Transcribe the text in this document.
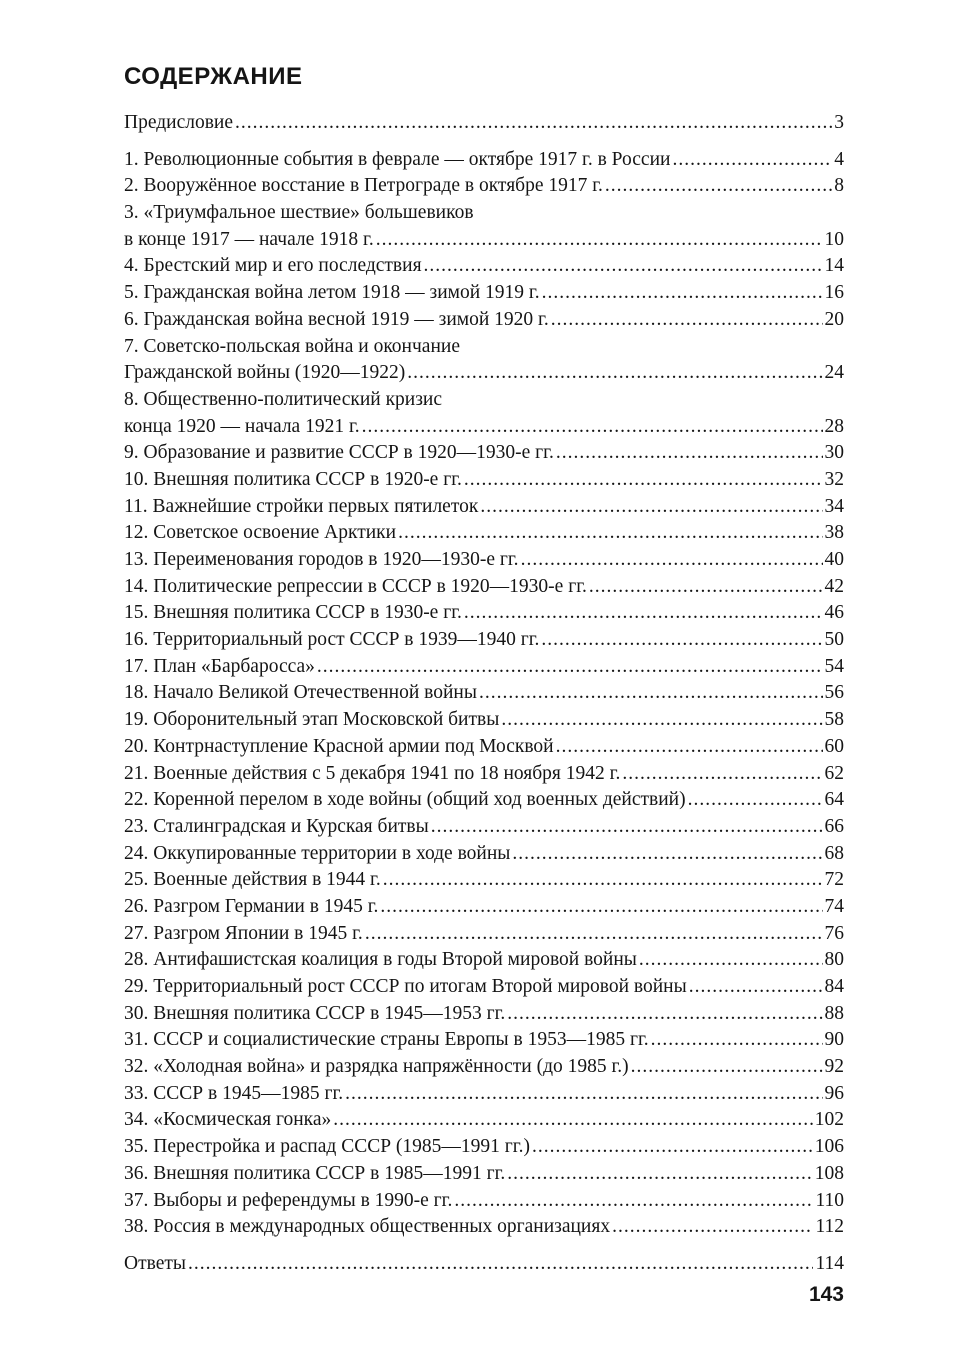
СОДЕРЖАНИЕ
Предисловие .....	3
1. Революционные события в феврале — октябре 1917 г. в России .....	4
2. Вооружённое восстание в Петрограде в октябре 1917 г. .....	8
3. «Триумфальное шествие» большевиков
в конце 1917 — начале 1918 г. .....	10
4. Брестский мир и его последствия .....	14
5. Гражданская война летом 1918 — зимой 1919 г. .....	16
6. Гражданская война весной 1919 — зимой 1920 г. .....	20
7. Советско-польская война и окончание
Гражданской войны (1920—1922) .....	24
8. Общественно-политический кризис
конца 1920 — начала 1921 г. .....	28
9. Образование и развитие СССР в 1920—1930-е гг. .....	30
10. Внешняя политика СССР в 1920-е гг. .....	32
11. Важнейшие стройки первых пятилеток .....	34
12. Советское освоение Арктики .....	38
13. Переименования городов в 1920—1930-е гг. .....	40
14. Политические репрессии в СССР в 1920—1930-е гг. .....	42
15. Внешняя политика СССР в 1930-е гг. .....	46
16. Территориальный рост СССР в 1939—1940 гг. .....	50
17. План «Барбаросса» .....	54
18. Начало Великой Отечественной войны .....	56
19. Оборонительный этап Московской битвы .....	58
20. Контрнаступление Красной армии под Москвой .....	60
21. Военные действия с 5 декабря 1941 по 18 ноября 1942 г. .....	62
22. Коренной перелом в ходе войны (общий ход военных действий) .....	64
23. Сталинградская и Курская битвы .....	66
24. Оккупированные территории в ходе войны .....	68
25. Военные действия в 1944 г. .....	72
26. Разгром Германии в 1945 г. .....	74
27. Разгром Японии в 1945 г. .....	76
28. Антифашистская коалиция в годы Второй мировой войны .....	80
29. Территориальный рост СССР по итогам Второй мировой войны .....	84
30. Внешняя политика СССР в 1945—1953 гг. .....	88
31. СССР и социалистические страны Европы в 1953—1985 гг. .....	90
32. «Холодная война» и разрядка напряжённости (до 1985 г.) .....	92
33. СССР в 1945—1985 гг. .....	96
34. «Космическая гонка» .....	102
35. Перестройка и распад СССР (1985—1991 гг.) .....	106
36. Внешняя политика СССР в 1985—1991 гг. .....	108
37. Выборы и референдумы в 1990-е гг. .....	110
38. Россия в международных общественных организациях .....	112
Ответы .....	114
143
